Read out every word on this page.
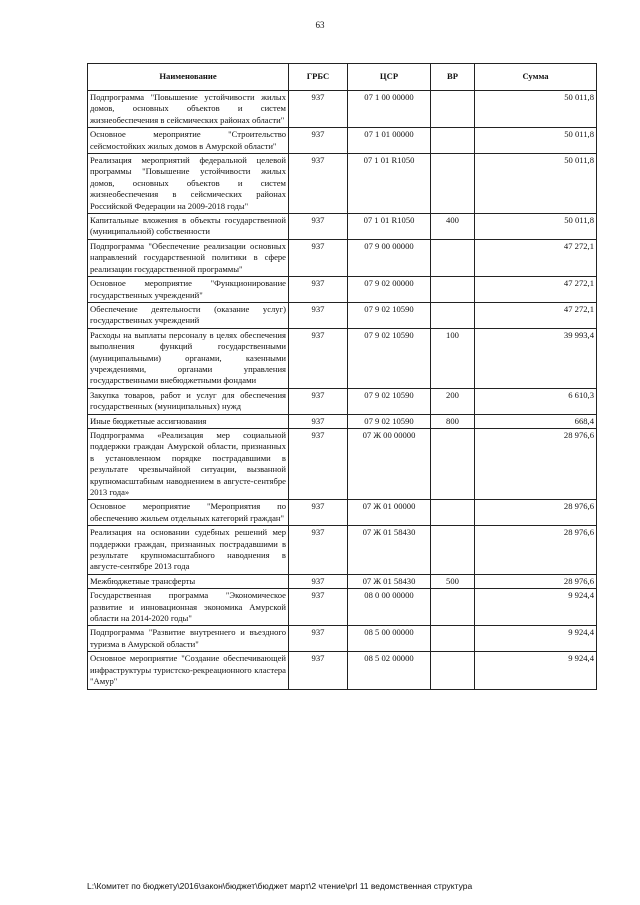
63
Наименование	ГРБС	ЦСР	ВР	Сумма
Подпрограмма "Повышение устойчивости жилых домов, основных объектов и систем жизнеобеспечения в сейсмических районах области"	937	07 1 00 00000		50 011,8
Основное мероприятие "Строительство сейсмостойких жилых домов в Амурской области"	937	07 1 01 00000		50 011,8
Реализация мероприятий федеральной целевой программы "Повышение устойчивости жилых домов, основных объектов и систем жизнеобеспечения в сейсмических районах Российской Федерации на 2009-2018 годы"	937	07 1 01 R1050		50 011,8
Капитальные вложения в объекты государственной (муниципальной) собственности	937	07 1 01 R1050	400	50 011,8
Подпрограмма "Обеспечение реализации основных направлений государственной политики в сфере реализации государственной программы"	937	07 9 00 00000		47 272,1
Основное мероприятие "Функционирование государственных учреждений"	937	07 9 02 00000		47 272,1
Обеспечение деятельности (оказание услуг) государственных учреждений	937	07 9 02 10590		47 272,1
Расходы на выплаты персоналу в целях обеспечения выполнения функций государственными (муниципальными) органами, казенными учреждениями, органами управления государственными внебюджетными фондами	937	07 9 02 10590	100	39 993,4
Закупка товаров, работ и услуг для обеспечения государственных (муниципальных) нужд	937	07 9 02 10590	200	6 610,3
Иные бюджетные ассигнования	937	07 9 02 10590	800	668,4
Подпрограмма «Реализация мер социальной поддержки граждан Амурской области, признанных в установленном порядке пострадавшими в результате чрезвычайной ситуации, вызванной крупномасштабным наводнением в августе-сентябре 2013 года»	937	07 Ж 00 00000		28 976,6
Основное мероприятие "Мероприятия по обеспечению жильем отдельных категорий граждан"	937	07 Ж 01 00000		28 976,6
Реализация на основании судебных решений мер поддержки граждан, признанных пострадавшими в результате крупномасштабного наводнения в августе-сентябре 2013 года	937	07 Ж 01 58430		28 976,6
Межбюджетные трансферты	937	07 Ж 01 58430	500	28 976,6
Государственная программа "Экономическое развитие и инновационная экономика Амурской области на 2014-2020 годы"	937	08 0 00 00000		9 924,4
Подпрограмма "Развитие внутреннего и въездного туризма в Амурской области"	937	08 5 00 00000		9 924,4
Основное мероприятие "Создание обеспечивающей инфраструктуры туристско-рекреационного кластера "Амур"	937	08 5 02 00000		9 924,4
L:\Комитет по бюджету\2016\закон\бюджет\бюджет март\2 чтение\prl 11 ведомственная структура
